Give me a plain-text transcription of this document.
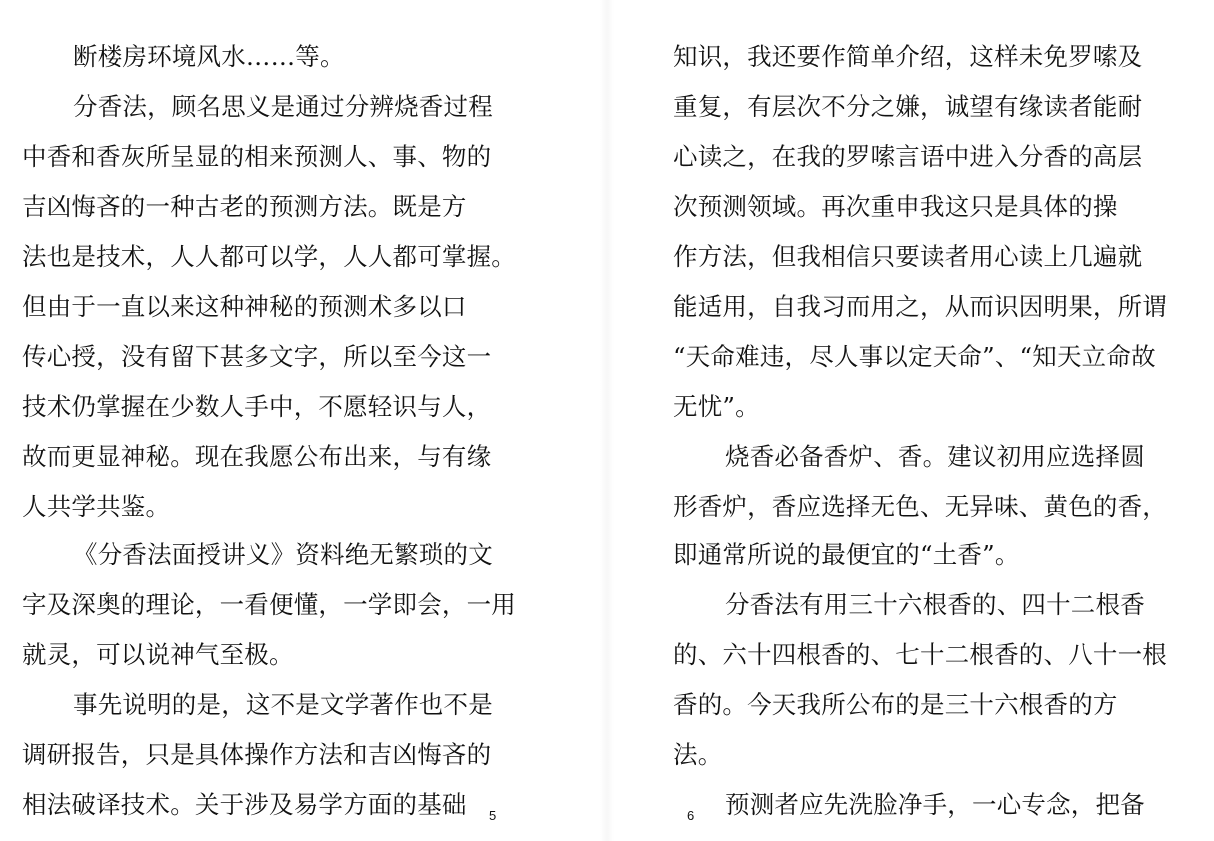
断楼房环境风水……等。
分香法，顾名思义是通过分辨烧香过程
中香和香灰所呈显的相来预测人、事、物的
吉凶悔吝的一种古老的预测方法。既是方
法也是技术，人人都可以学，人人都可掌握。
但由于一直以来这种神秘的预测术多以口
传心授，没有留下甚多文字，所以至今这一
技术仍掌握在少数人手中，不愿轻识与人，
故而更显神秘。现在我愿公布出来，与有缘
人共学共鉴。
《分香法面授讲义》资料绝无繁琐的文
字及深奥的理论，一看便懂，一学即会，一用
就灵，可以说神气至极。
事先说明的是，这不是文学著作也不是
调研报告，只是具体操作方法和吉凶悔吝的
相法破译技术。关于涉及易学方面的基础 5
知识，我还要作简单介绍，这样未免罗嗦及
重复，有层次不分之嫌，诚望有缘读者能耐
心读之，在我的罗嗦言语中进入分香的高层
次预测领域。再次重申我这只是具体的操
作方法，但我相信只要读者用心读上几遍就
能适用，自我习而用之，从而识因明果，所谓
“天命难违，尽人事以定天命”、“知天立命故
无忧”。
烧香必备香炉、香。建议初用应选择圆
形香炉，香应选择无色、无异味、黄色的香，
即通常所说的最便宜的“土香”。
分香法有用三十六根香的、四十二根香
的、六十四根香的、七十二根香的、八十一根
香的。今天我所公布的是三十六根香的方
法。
预测者应先洗脸净手，一心专念，把备
6
